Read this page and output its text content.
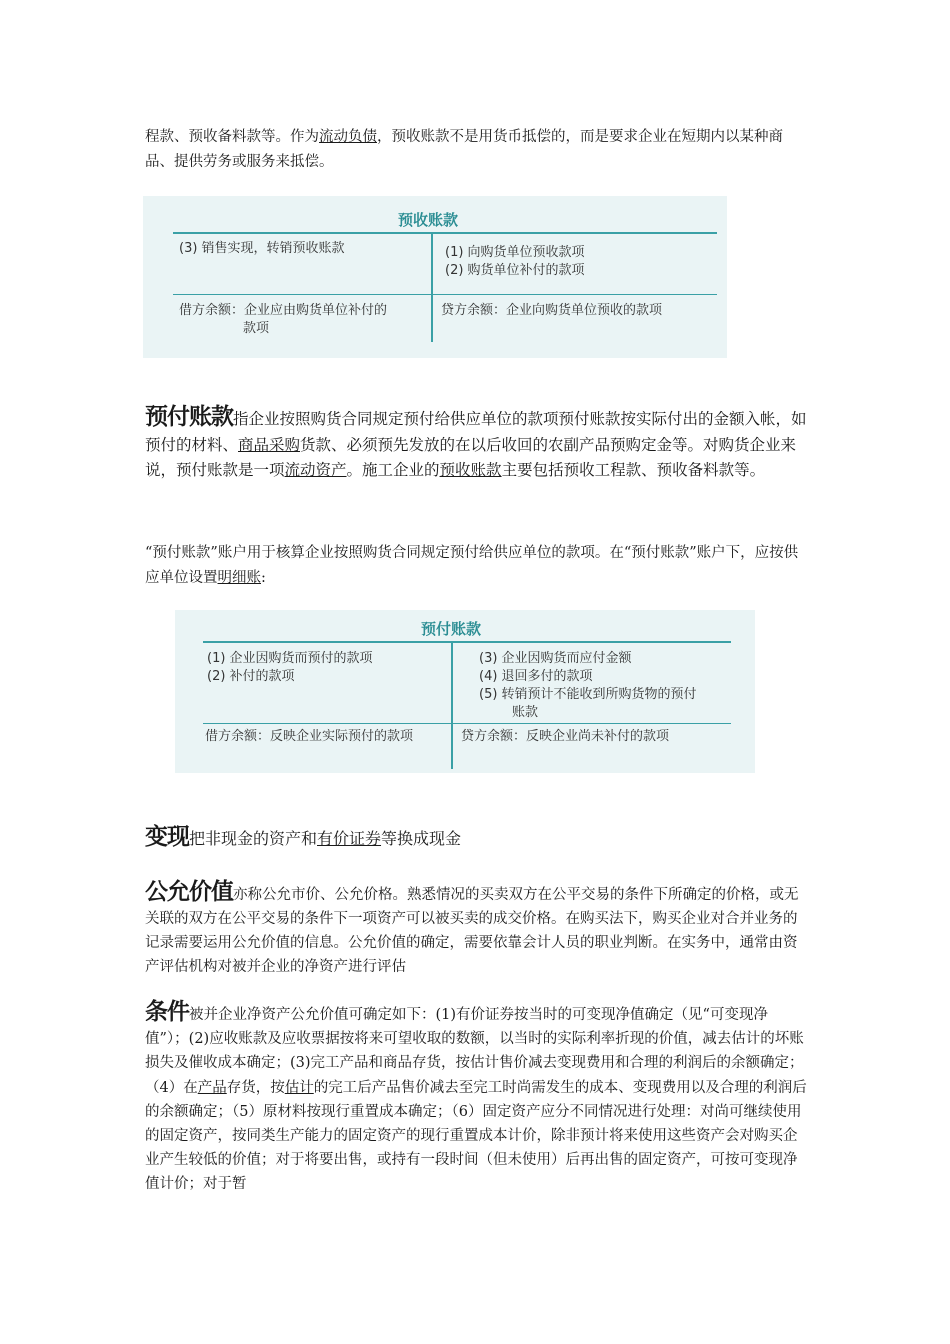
程款、预收备料款等。作为流动负债，预收账款不是用货币抵偿的，而是要求企业在短期内以某种商品、提供劳务或服务来抵偿。

预收账款
(3) 销售实现，转销预收账款	(1) 向购货单位预收款项
(2) 购货单位补付的款项
借方余额：企业应由购货单位补付的
款项
贷方余额：企业向购货单位预收的款项

预付账款指企业按照购货合同规定预付给供应单位的款项预付账款按实际付出的金额入帐，如预付的材料、商品采购货款、必须预先发放的在以后收回的农副产品预购定金等。对购货企业来说，预付账款是一项流动资产。施工企业的预收账款主要包括预收工程款、预收备料款等。

“预付账款”账户用于核算企业按照购货合同规定预付给供应单位的款项。在“预付账款”账户下，应按供应单位设置明细账:

预付账款
(1) 企业因购货而预付的款项
(2) 补付的款项
(3) 企业因购货而应付金额
(4) 退回多付的款项
(5) 转销预计不能收到所购货物的预付
账款
借方余额：反映企业实际预付的款项	贷方余额：反映企业尚未补付的款项

变现把非现金的资产和有价证券等换成现金

公允价值亦称公允市价、公允价格。熟悉情况的买卖双方在公平交易的条件下所确定的价格，或无关联的双方在公平交易的条件下一项资产可以被买卖的成交价格。在购买法下，购买企业对合并业务的记录需要运用公允价值的信息。公允价值的确定，需要依靠会计人员的职业判断。在实务中，通常由资产评估机构对被并企业的净资产进行评估

条件被并企业净资产公允价值可确定如下：(1)有价证券按当时的可变现净值确定（见“可变现净值”）；(2)应收账款及应收票据按将来可望收取的数额，以当时的实际利率折现的价值，减去估计的坏账损失及催收成本确定；(3)完工产品和商品存货，按估计售价减去变现费用和合理的利润后的余额确定；（4）在产品存货，按估计的完工后产品售价减去至完工时尚需发生的成本、变现费用以及合理的利润后的余额确定；（5）原材料按现行重置成本确定；（6）固定资产应分不同情况进行处理：对尚可继续使用的固定资产，按同类生产能力的固定资产的现行重置成本计价，除非预计将来使用这些资产会对购买企业产生较低的价值；对于将要出售，或持有一段时间（但未使用）后再出售的固定资产，可按可变现净值计价；对于暂
